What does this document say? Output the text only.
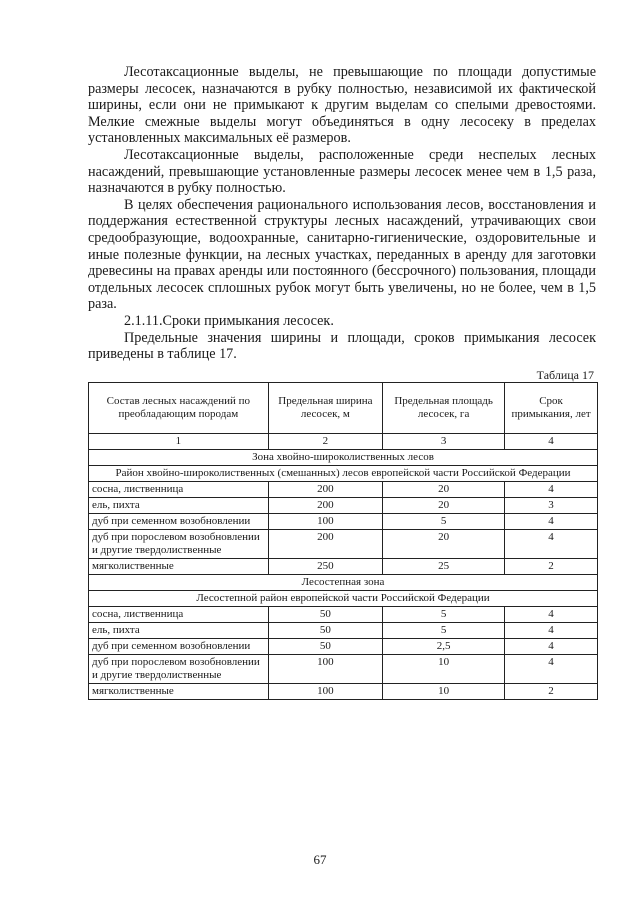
Лесотаксационные выделы, не превышающие по площади допустимые размеры лесосек, назначаются в рубку полностью, независимой их фактической ширины, если они не примыкают к другим выделам со спелыми древостоями. Мелкие смежные выделы могут объединяться в одну лесосеку в пределах установленных максимальных её размеров.

Лесотаксационные выделы, расположенные среди неспелых лесных насаждений, превышающие установленные размеры лесосек менее чем в 1,5 раза, назначаются в рубку полностью.

В целях обеспечения рационального использования лесов, восстановления и поддержания естественной структуры лесных насаждений, утрачивающих свои средообразующие, водоохранные, санитарно-гигиенические, оздоровительные и иные полезные функции, на лесных участках, переданных в аренду для заготовки древесины на правах аренды или постоянного (бессрочного) пользования, площади отдельных лесосек сплошных рубок могут быть увеличены, но не более, чем в 1,5 раза.

2.1.11.Сроки примыкания лесосек.

Предельные значения ширины и площади, сроков примыкания лесосек приведены в таблице 17.

Таблица 17
Состав лесных насаждений по преобладающим породам	Предельная ширина лесосек, м	Предельная площадь лесосек, га	Срок примыкания, лет
1	2	3	4
Зона хвойно-широколиственных лесов			
Район хвойно-широколиственных (смешанных) лесов европейской части Российской Федерации			
сосна, лиственница	200	20	4
ель, пихта	200	20	3
дуб при семенном возобновлении	100	5	4
дуб при порослевом возобновлении и другие твердолиственные	200	20	4
мягколиственные	250	25	2
Лесостепная зона			
Лесостепной район европейской части Российской Федерации			
сосна, лиственница	50	5	4
ель, пихта	50	5	4
дуб при семенном возобновлении	50	2,5	4
дуб при порослевом возобновлении и другие твердолиственные	100	10	4
мягколиственные	100	10	2
67
